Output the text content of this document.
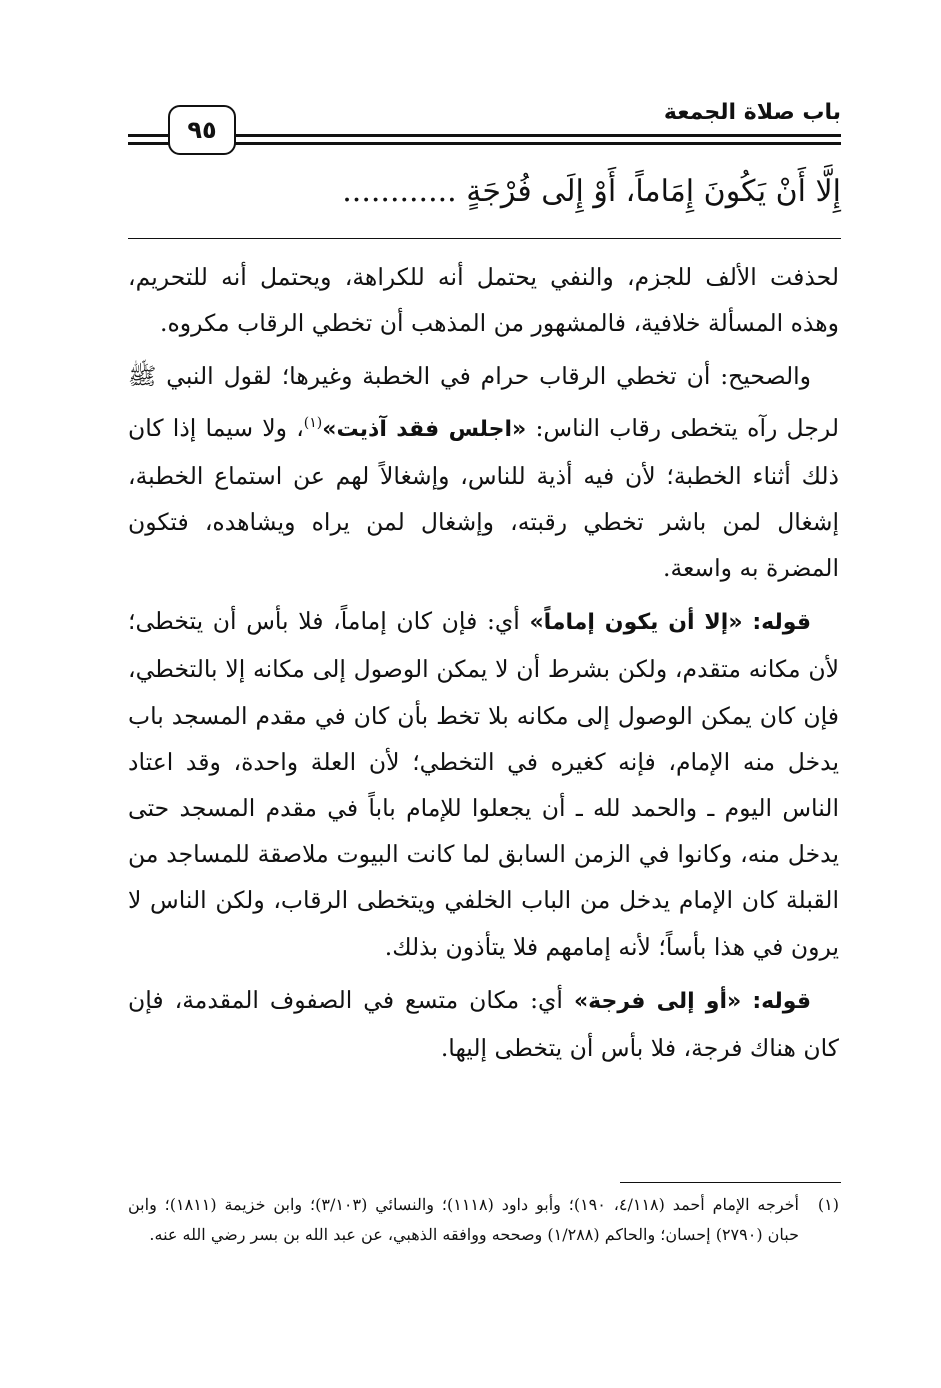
باب صلاة الجمعة
٩٥
إِلَّا أَنْ يَكُونَ إِمَاماً، أَوْ إِلَى فُرْجَةٍ ............

لحذفت الألف للجزم، والنفي يحتمل أنه للكراهة، ويحتمل أنه للتحريم، وهذه المسألة خلافية، فالمشهور من المذهب أن تخطي الرقاب مكروه.

والصحيح: أن تخطي الرقاب حرام في الخطبة وغيرها؛ لقول النبي ﷺ لرجل رآه يتخطى رقاب الناس: «اجلس فقد آذيت»$^{(١)}$، ولا سيما إذا كان ذلك أثناء الخطبة؛ لأن فيه أذية للناس، وإشغالاً لهم عن استماع الخطبة، إشغال لمن باشر تخطي رقبته، وإشغال لمن يراه ويشاهده، فتكون المضرة به واسعة.

قوله: «إلا أن يكون إماماً» أي: فإن كان إماماً، فلا بأس أن يتخطى؛ لأن مكانه متقدم، ولكن بشرط أن لا يمكن الوصول إلى مكانه إلا بالتخطي، فإن كان يمكن الوصول إلى مكانه بلا تخط بأن كان في مقدم المسجد باب يدخل منه الإمام، فإنه كغيره في التخطي؛ لأن العلة واحدة، وقد اعتاد الناس اليوم ـ والحمد لله ـ أن يجعلوا للإمام باباً في مقدم المسجد حتى يدخل منه، وكانوا في الزمن السابق لما كانت البيوت ملاصقة للمساجد من القبلة كان الإمام يدخل من الباب الخلفي ويتخطى الرقاب، ولكن الناس لا يرون في هذا بأساً؛ لأنه إمامهم فلا يتأذون بذلك.

قوله: «أو إلى فرجة» أي: مكان متسع في الصفوف المقدمة، فإن كان هناك فرجة، فلا بأس أن يتخطى إليها.

(١)
أخرجه الإمام أحمد (٤/١١٨، ١٩٠)؛ وأبو داود (١١١٨)؛ والنسائي (٣/١٠٣)؛ وابن خزيمة (١٨١١)؛ وابن حبان (٢٧٩٠) إحسان؛ والحاكم (١/٢٨٨) وصححه ووافقه الذهبي، عن عبد الله بن بسر رضي الله عنه.
